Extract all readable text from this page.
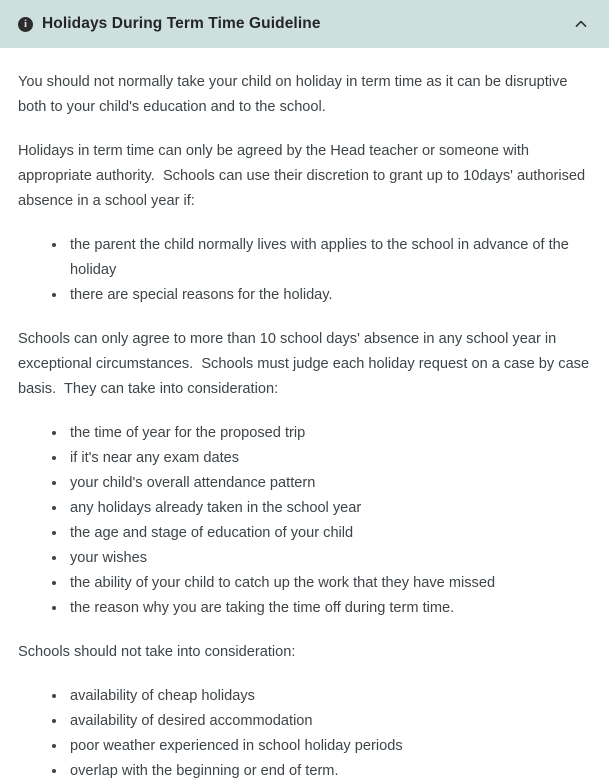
i Holidays During Term Time Guideline

You should not normally take your child on holiday in term time as it can be disruptive both to your child's education and to the school.

Holidays in term time can only be agreed by the Head teacher or someone with appropriate authority.  Schools can use their discretion to grant up to 10days' authorised absence in a school year if:

the parent the child normally lives with applies to the school in advance of the holiday
there are special reasons for the holiday.

Schools can only agree to more than 10 school days' absence in any school year in exceptional circumstances.  Schools must judge each holiday request on a case by case basis.  They can take into consideration:

the time of year for the proposed trip
if it's near any exam dates
your child's overall attendance pattern
any holidays already taken in the school year
the age and stage of education of your child
your wishes
the ability of your child to catch up the work that they have missed
the reason why you are taking the time off during term time.

Schools should not take into consideration:

availability of cheap holidays
availability of desired accommodation
poor weather experienced in school holiday periods
overlap with the beginning or end of term.
